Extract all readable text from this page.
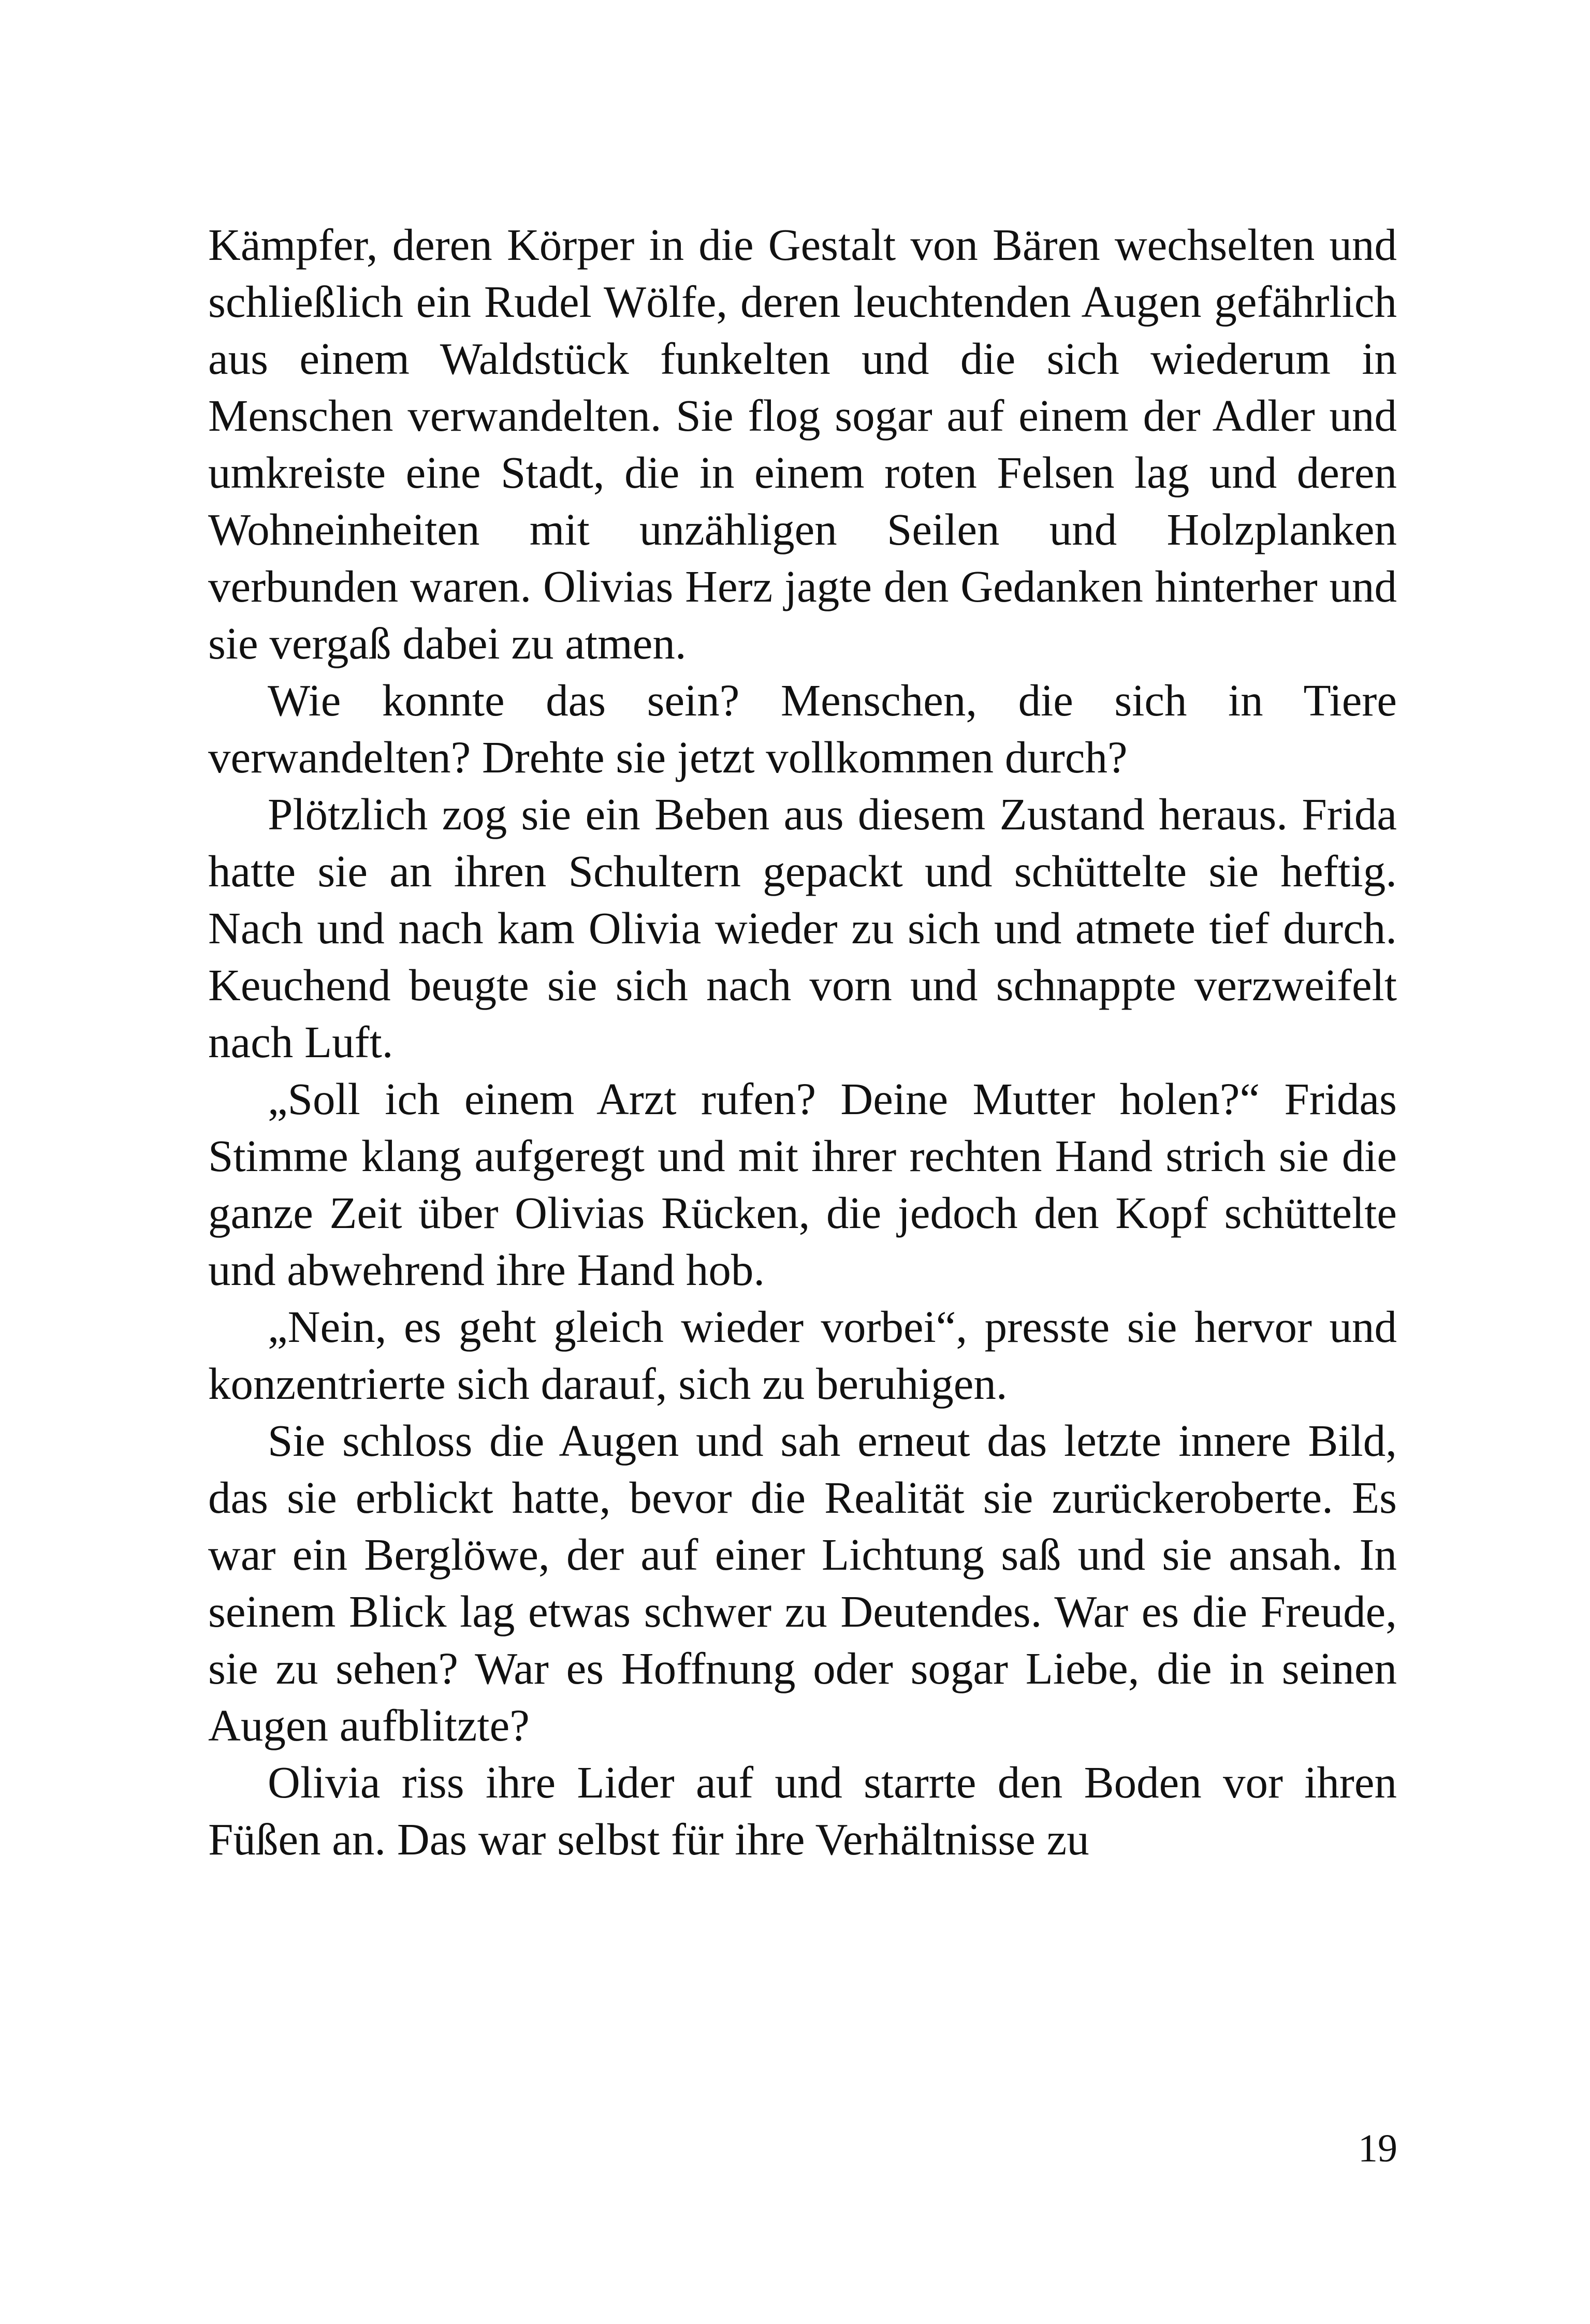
Kämpfer, deren Körper in die Gestalt von Bären wechselten und schließlich ein Rudel Wölfe, deren leuchtenden Augen gefährlich aus einem Waldstück funkelten und die sich wiederum in Menschen verwandelten. Sie flog sogar auf einem der Adler und umkreiste eine Stadt, die in einem roten Felsen lag und deren Wohneinheiten mit unzähligen Seilen und Holzplanken verbunden waren. Olivias Herz jagte den Gedanken hinterher und sie vergaß dabei zu atmen.

Wie konnte das sein? Menschen, die sich in Tiere verwandelten? Drehte sie jetzt vollkommen durch?

Plötzlich zog sie ein Beben aus diesem Zustand heraus. Frida hatte sie an ihren Schultern gepackt und schüttelte sie heftig. Nach und nach kam Olivia wieder zu sich und atmete tief durch. Keuchend beugte sie sich nach vorn und schnappte verzweifelt nach Luft.

„Soll ich einem Arzt rufen? Deine Mutter holen?“ Fridas Stimme klang aufgeregt und mit ihrer rechten Hand strich sie die ganze Zeit über Olivias Rücken, die jedoch den Kopf schüttelte und abwehrend ihre Hand hob.

„Nein, es geht gleich wieder vorbei“, presste sie hervor und konzentrierte sich darauf, sich zu beruhigen.

Sie schloss die Augen und sah erneut das letzte innere Bild, das sie erblickt hatte, bevor die Realität sie zurückeroberte. Es war ein Berglöwe, der auf einer Lichtung saß und sie ansah. In seinem Blick lag etwas schwer zu Deutendes. War es die Freude, sie zu sehen? War es Hoffnung oder sogar Liebe, die in seinen Augen aufblitzte?

Olivia riss ihre Lider auf und starrte den Boden vor ihren Füßen an. Das war selbst für ihre Verhältnisse zu

19
